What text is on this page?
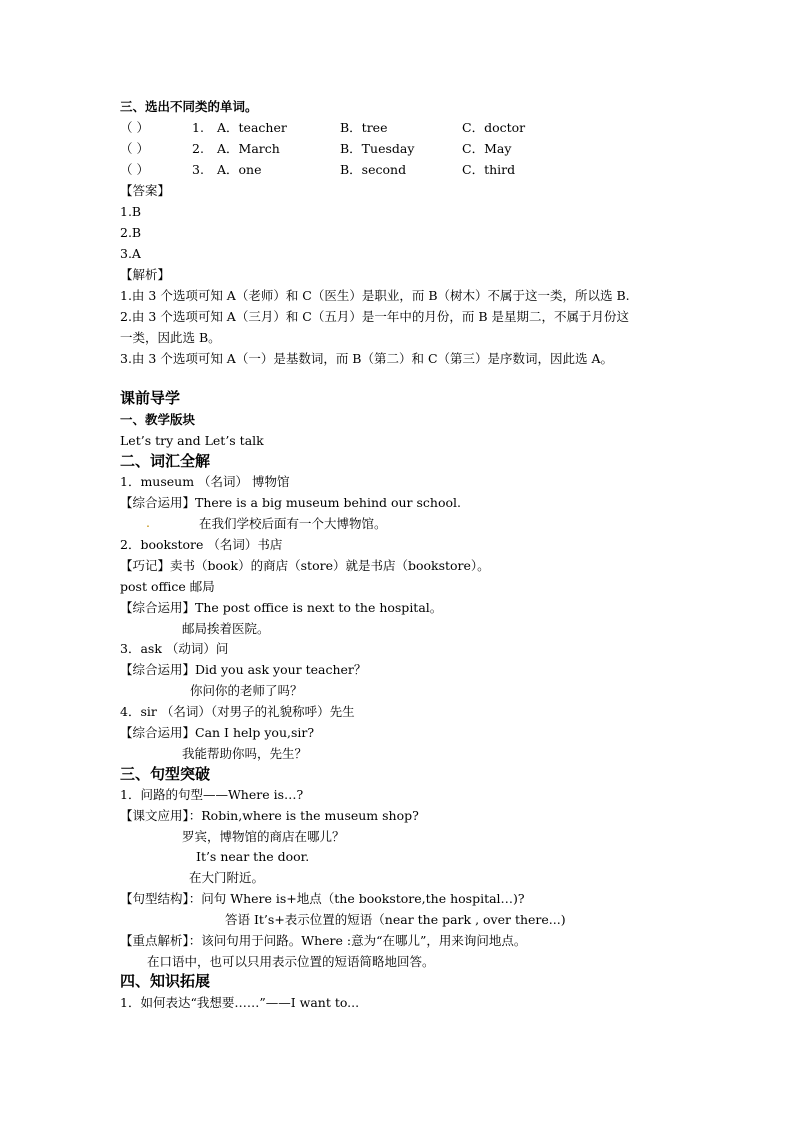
三、选出不同类的单词。
（ ）	1. A．teacher	B．tree	C．doctor
（ ）	2. A．March	B．Tuesday	C．May
（ ）	3. A．one	B．second	C．third
【答案】
1.B
2.B
3.A
【解析】
1.由 3 个选项可知 A（老师）和 C（医生）是职业，而 B（树木）不属于这一类，所以选 B.
2.由 3 个选项可知 A（三月）和 C（五月）是一年中的月份，而 B 是星期二，不属于月份这
一类，因此选 B。
3.由 3 个选项可知 A（一）是基数词，而 B（第二）和 C（第三）是序数词，因此选 A。
课前导学
一、教学版块
Let’s try and Let’s talk
二、词汇全解
1．museum （名词） 博物馆
【综合运用】There is a big museum behind our school.
.	在我们学校后面有一个大博物馆。
2．bookstore （名词）书店
【巧记】卖书（book）的商店（store）就是书店（bookstore）。
post office 邮局
【综合运用】The post office is next to the hospital。
邮局挨着医院。
3．ask （动词）问
【综合运用】Did you ask your teacher？
你问你的老师了吗？
4．sir （名词）（对男子的礼貌称呼）先生
【综合运用】Can I help you,sir?
我能帮助你吗，先生？
三、句型突破
1．问路的句型——Where is…?
【课文应用】：Robin,where is the museum shop?
罗宾，博物馆的商店在哪儿？
It’s near the door.
在大门附近。
【句型结构】：问句 Where is+地点（the bookstore,the hospital…)?
答语 It’s+表示位置的短语（near the park , over there...)
【重点解析】：该问句用于问路。Where :意为“在哪儿”，用来询问地点。
在口语中，也可以只用表示位置的短语简略地回答。
四、知识拓展
1．如何表达“我想要……”——I want to...
